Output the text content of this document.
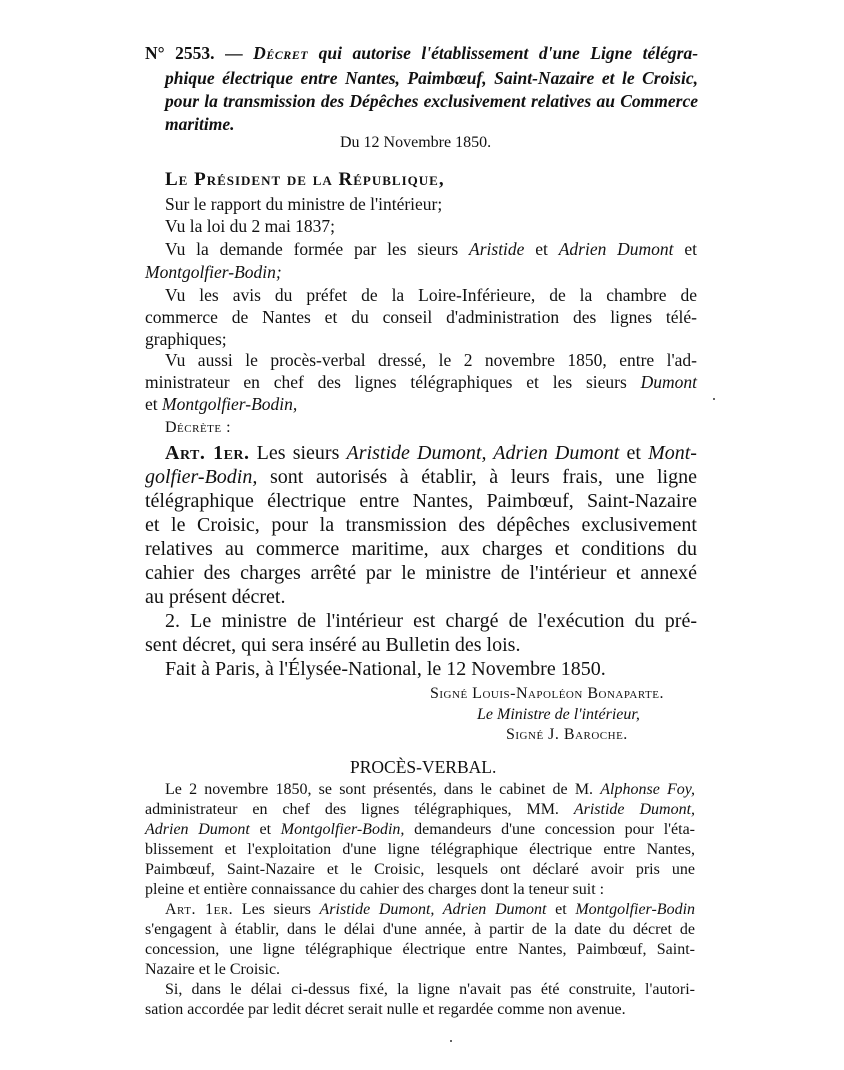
N° 2553. — Décret qui autorise l'établissement d'une Ligne télégra-
phique électrique entre Nantes, Paimbœuf, Saint-Nazaire et le Croisic,
pour la transmission des Dépêches exclusivement relatives au Commerce
maritime.
Du 12 Novembre 1850.
Le Président de la République,
Sur le rapport du ministre de l'intérieur;
Vu la loi du 2 mai 1837;
Vu la demande formée par les sieurs Aristide et Adrien Dumont et
Montgolfier-Bodin;
Vu les avis du préfet de la Loire-Inférieure, de la chambre de
commerce de Nantes et du conseil d'administration des lignes télé-
graphiques;
Vu aussi le procès-verbal dressé, le 2 novembre 1850, entre l'ad-
ministrateur en chef des lignes télégraphiques et les sieurs Dumont
et Montgolfier-Bodin,
Décrète :
Art. 1er. Les sieurs Aristide Dumont, Adrien Dumont et Mont-
golfier-Bodin, sont autorisés à établir, à leurs frais, une ligne
télégraphique électrique entre Nantes, Paimbœuf, Saint-Nazaire
et le Croisic, pour la transmission des dépêches exclusivement
relatives au commerce maritime, aux charges et conditions du
cahier des charges arrêté par le ministre de l'intérieur et annexé
au présent décret.
2. Le ministre de l'intérieur est chargé de l'exécution du pré-
sent décret, qui sera inséré au Bulletin des lois.
Fait à Paris, à l'Élysée-National, le 12 Novembre 1850.
Signé Louis-Napoléon Bonaparte.
Le Ministre de l'intérieur,
Signé J. Baroche.
PROCÈS-VERBAL.
Le 2 novembre 1850, se sont présentés, dans le cabinet de M. Alphonse Foy,
administrateur en chef des lignes télégraphiques, MM. Aristide Dumont,
Adrien Dumont et Montgolfier-Bodin, demandeurs d'une concession pour l'éta-
blissement et l'exploitation d'une ligne télégraphique électrique entre Nantes,
Paimbœuf, Saint-Nazaire et le Croisic, lesquels ont déclaré avoir pris une
pleine et entière connaissance du cahier des charges dont la teneur suit :
Art. 1er. Les sieurs Aristide Dumont, Adrien Dumont et Montgolfier-Bodin
s'engagent à établir, dans le délai d'une année, à partir de la date du décret de
concession, une ligne télégraphique électrique entre Nantes, Paimbœuf, Saint-
Nazaire et le Croisic.
Si, dans le délai ci-dessus fixé, la ligne n'avait pas été construite, l'autori-
sation accordée par ledit décret serait nulle et regardée comme non avenue.
